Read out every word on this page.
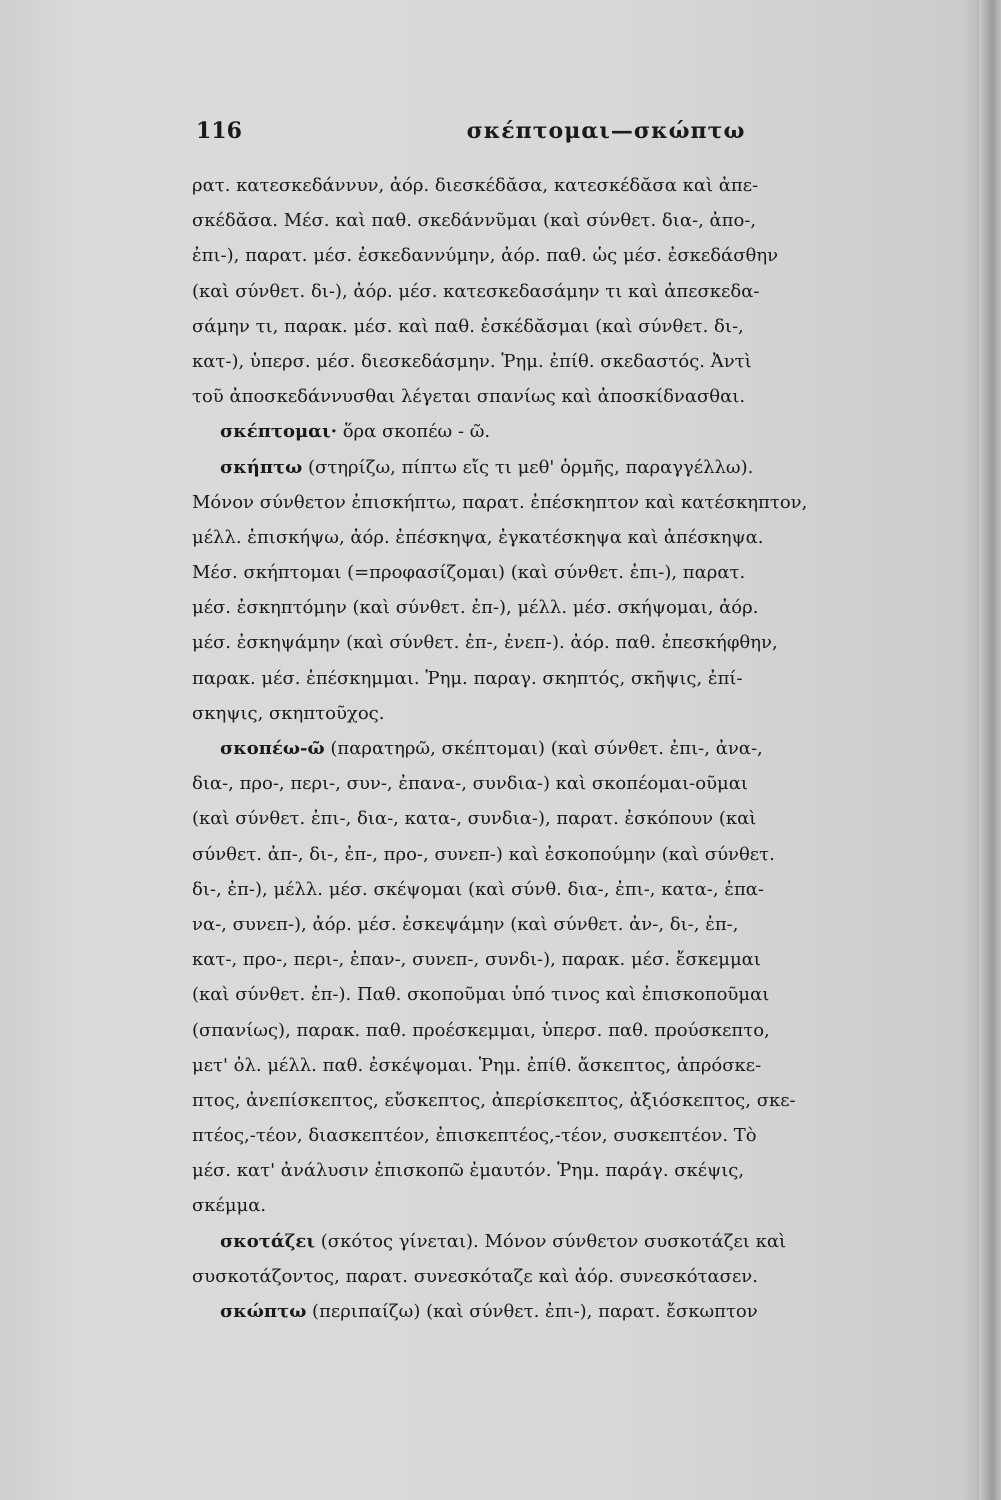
116	σκέπτομαι—σκώπτω
ρατ. κατεσκεδάννυν, ἀόρ. διεσκέδᾰσα, κατεσκέδᾰσα καὶ ἀπε-
σκέδᾰσα. Μέσ. καὶ παθ. σκεδάννῦμαι (καὶ σύνθετ. δια-, ἀπο-,
ἐπι-), παρατ. μέσ. ἐσκεδαννύμην, ἀόρ. παθ. ὡς μέσ. ἐσκεδάσθην
(καὶ σύνθετ. δι-), ἀόρ. μέσ. κατεσκεδασάμην τι καὶ ἀπεσκεδα-
σάμην τι, παρακ. μέσ. καὶ παθ. ἐσκέδᾰσμαι (καὶ σύνθετ. δι-,
κατ-), ὑπερσ. μέσ. διεσκεδάσμην. Ῥημ. ἐπίθ. σκεδαστός. Ἀντὶ
τοῦ ἀποσκεδάννυσθαι λέγεται σπανίως καὶ ἀποσκίδνασθαι.
σκέπτομαι· ὅρα σκοπέω - ῶ.
σκήπτω (στηρίζω, πίπτω εἴς τι μεθ' ὁρμῆς, παραγγέλλω).
Μόνον σύνθετον ἐπισκήπτω, παρατ. ἐπέσκηπτον καὶ κατέσκηπτον,
μέλλ. ἐπισκήψω, ἀόρ. ἐπέσκηψα, ἐγκατέσκηψα καὶ ἀπέσκηψα.
Μέσ. σκήπτομαι (=προφασίζομαι) (καὶ σύνθετ. ἐπι-), παρατ.
μέσ. ἐσκηπτόμην (καὶ σύνθετ. ἐπ-), μέλλ. μέσ. σκήψομαι, ἀόρ.
μέσ. ἐσκηψάμην (καὶ σύνθετ. ἐπ-, ἐνεπ-). ἀόρ. παθ. ἐπεσκήφθην,
παρακ. μέσ. ἐπέσκημμαι. Ῥημ. παραγ. σκηπτός, σκῆψις, ἐπί-
σκηψις, σκηπτοῦχος.
σκοπέω-ῶ (παρατηρῶ, σκέπτομαι) (καὶ σύνθετ. ἐπι-, ἀνα-,
δια-, προ-, περι-, συν-, ἐπανα-, συνδια-) καὶ σκοπέομαι-οῦμαι
(καὶ σύνθετ. ἐπι-, δια-, κατα-, συνδια-), παρατ. ἐσκόπουν (καὶ
σύνθετ. ἀπ-, δι-, ἐπ-, προ-, συνεπ-) καὶ ἐσκοπούμην (καὶ σύνθετ.
δι-, ἐπ-), μέλλ. μέσ. σκέψομαι (καὶ σύνθ. δια-, ἐπι-, κατα-, ἐπα-
να-, συνεπ-), ἀόρ. μέσ. ἐσκεψάμην (καὶ σύνθετ. ἀν-, δι-, ἐπ-,
κατ-, προ-, περι-, ἐπαν-, συνεπ-, συνδι-), παρακ. μέσ. ἔσκεμμαι
(καὶ σύνθετ. ἐπ-). Παθ. σκοποῦμαι ὑπό τινος καὶ ἐπισκοποῦμαι
(σπανίως), παρακ. παθ. προέσκεμμαι, ὑπερσ. παθ. προύσκεπτο,
μετ' ὀλ. μέλλ. παθ. ἐσκέψομαι. Ῥημ. ἐπίθ. ἄσκεπτος, ἀπρόσκε-
πτος, ἀνεπίσκεπτος, εὔσκεπτος, ἀπερίσκεπτος, ἀξιόσκεπτος, σκε-
πτέος,-τέον, διασκεπτέον, ἐπισκεπτέος,-τέον, συσκεπτέον. Τὸ
μέσ. κατ' ἀνάλυσιν ἐπισκοπῶ ἐμαυτόν. Ῥημ. παράγ. σκέψις,
σκέμμα.
σκοτάζει (σκότος γίνεται). Μόνον σύνθετον συσκοτάζει καὶ
συσκοτάζοντος, παρατ. συνεσκόταζε καὶ ἀόρ. συνεσκότασεν.
σκώπτω (περιπαίζω) (καὶ σύνθετ. ἐπι-), παρατ. ἔσκωπτον
